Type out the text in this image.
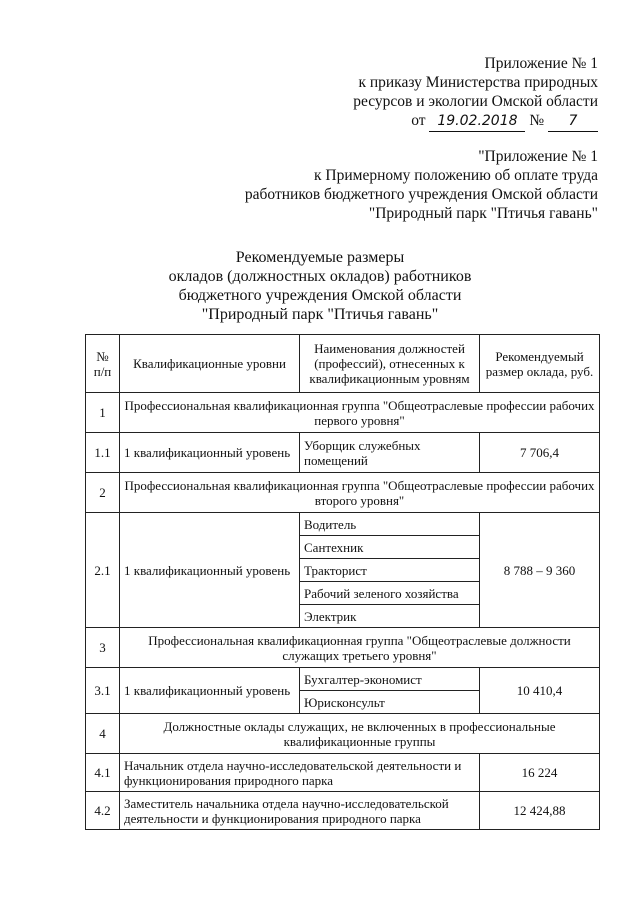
Приложение № 1
к приказу Министерства природных
ресурсов и экологии Омской области
от 19.02.2018 № 7
"Приложение № 1
к Примерному положению об оплате труда
работников бюджетного учреждения Омской области
"Природный парк "Птичья гавань"
Рекомендуемые размеры
окладов (должностных окладов) работников
бюджетного учреждения Омской области
"Природный парк "Птичья гавань"
№ п/п	Квалификационные уровни	Наименования должностей (профессий), отнесенных к квалификационным уровням	Рекомендуемый размер оклада, руб.
1	Профессиональная квалификационная группа "Общеотраслевые профессии рабочих первого уровня"		
1.1	1 квалификационный уровень	Уборщик служебных помещений	7 706,4
2	Профессиональная квалификационная группа "Общеотраслевые профессии рабочих второго уровня"		
2.1	1 квалификационный уровень	Водитель	8 788 – 9 360
		Сантехник	
		Тракторист	
		Рабочий зеленого хозяйства	
		Электрик	
3	Профессиональная квалификационная группа "Общеотраслевые должности служащих третьего уровня"		
3.1	1 квалификационный уровень	Бухгалтер-экономист	10 410,4
		Юрисконсульт	
4	Должностные оклады служащих, не включенных в профессиональные квалификационные группы		
4.1	Начальник отдела научно-исследовательской деятельности и функционирования природного парка		16 224
4.2	Заместитель начальника отдела научно-исследовательской деятельности и функционирования природного парка		12 424,88
